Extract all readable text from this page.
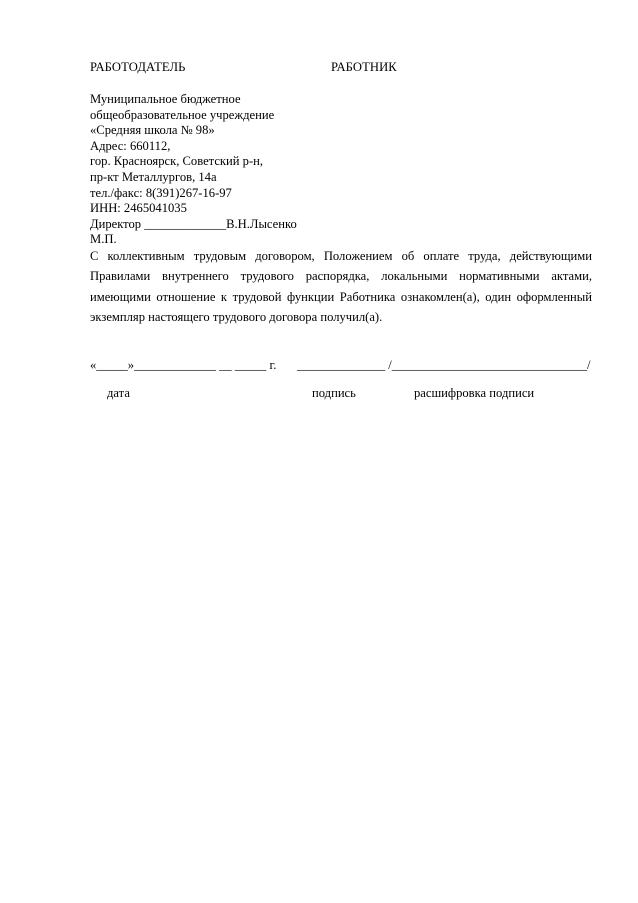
РАБОТОДАТЕЛЬ	РАБОТНИК
Муниципальное бюджетное
общеобразовательное учреждение
«Средняя школа № 98»
Адрес: 660112,
гор. Красноярск, Советский р-н,
пр-кт Металлургов, 14а
тел./факс: 8(391)267-16-97
ИНН: 2465041035
Директор _____________В.Н.Лысенко
М.П.
С коллективным трудовым договором, Положением об оплате труда, действующими
Правилами внутреннего трудового распорядка, локальными нормативными актами,
имеющими отношение к трудовой функции Работника ознакомлен(а), один оформленный
экземпляр настоящего трудового договора получил(а).
«_____»_____________ __ _____ г. ______________ /_______________________________/
дата	подпись	расшифровка подписи
